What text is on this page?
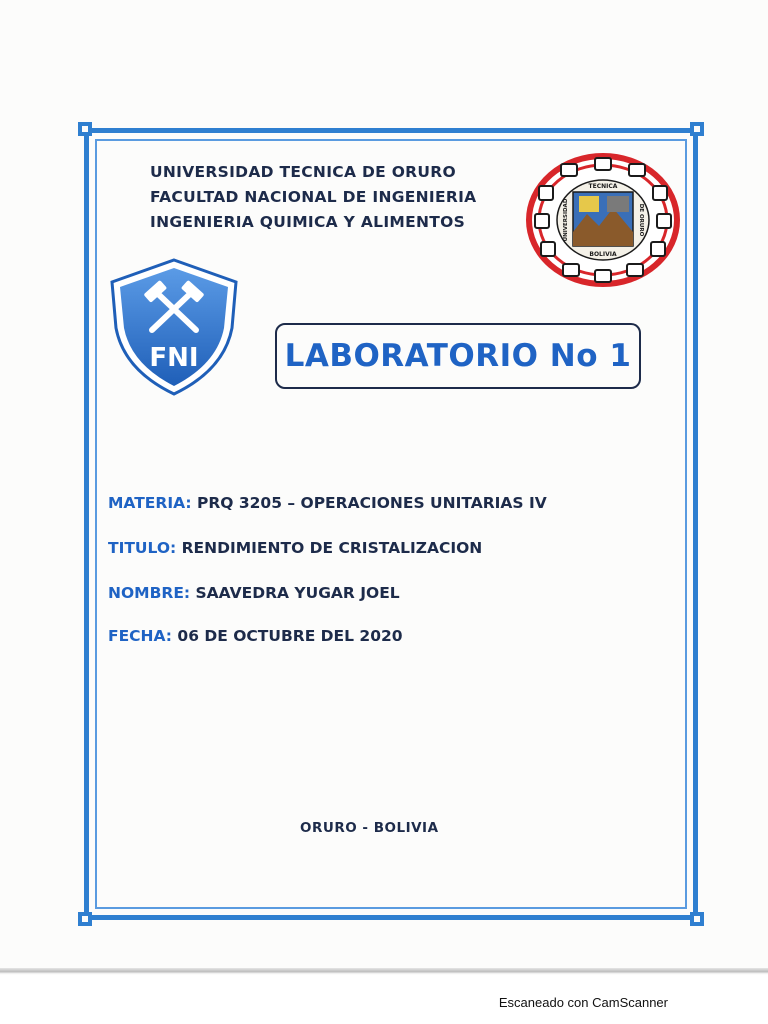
UNIVERSIDAD TECNICA DE ORURO
FACULTAD NACIONAL DE INGENIERIA
INGENIERIA QUIMICA Y ALIMENTOS
FNI
TECNICA
BOLIVIA
UNIVERSIDAD	DE ORURO
LABORATORIO No 1
MATERIA: PRQ 3205 – OPERACIONES UNITARIAS IV
TITULO: RENDIMIENTO DE CRISTALIZACION
NOMBRE: SAAVEDRA YUGAR JOEL
FECHA: 06 DE OCTUBRE DEL 2020
ORURO - BOLIVIA
Escaneado con CamScanner
